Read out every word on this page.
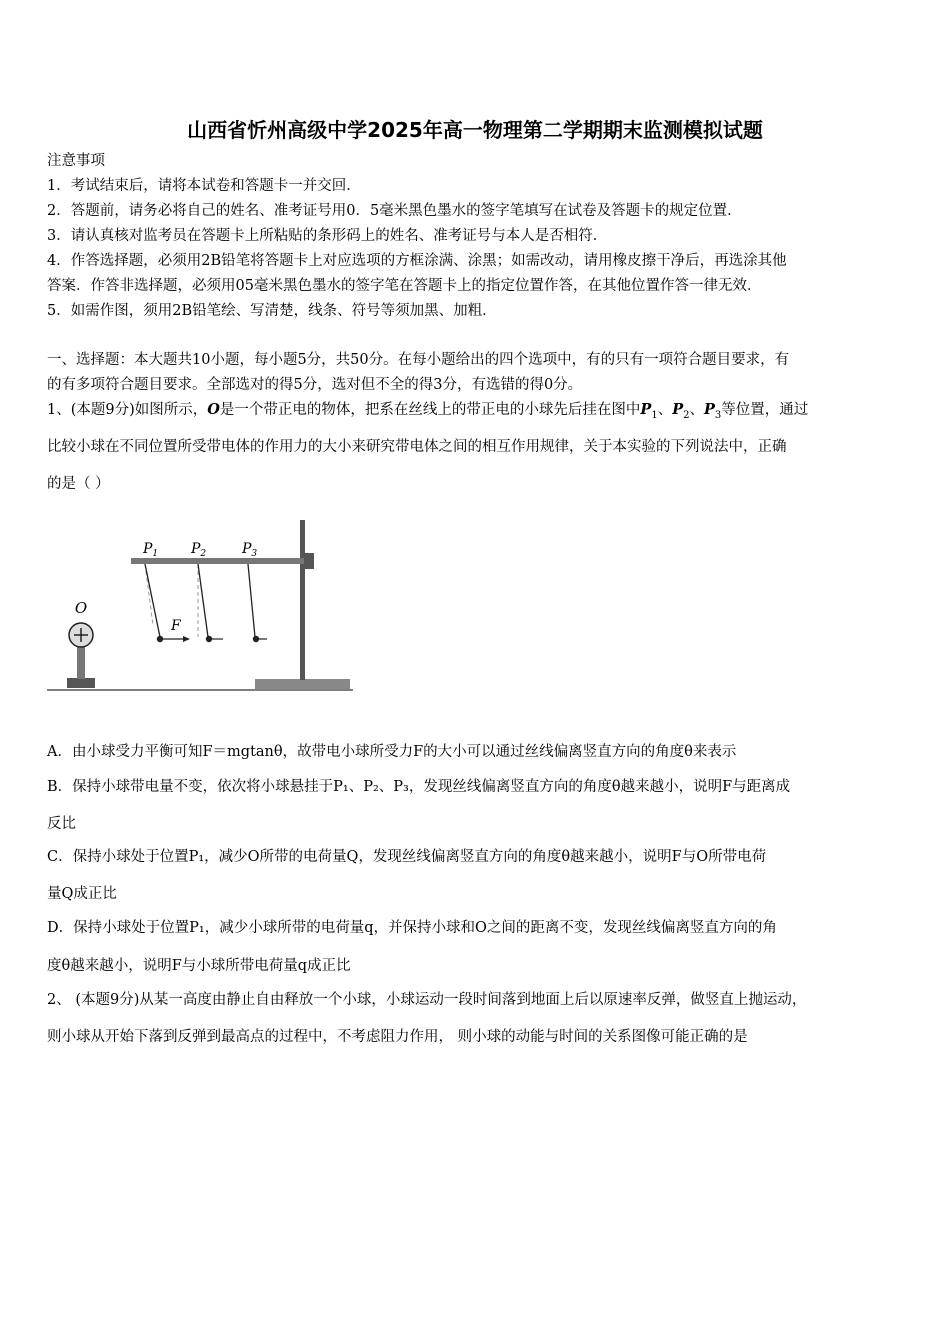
山西省忻州高级中学2025年高一物理第二学期期末监测模拟试题
注意事项
1．考试结束后，请将本试卷和答题卡一并交回．
2．答题前，请务必将自己的姓名、准考证号用0．5毫米黑色墨水的签字笔填写在试卷及答题卡的规定位置．
3．请认真核对监考员在答题卡上所粘贴的条形码上的姓名、准考证号与本人是否相符．
4．作答选择题，必须用2B铅笔将答题卡上对应选项的方框涂满、涂黑；如需改动，请用橡皮擦干净后，再选涂其他
答案．作答非选择题，必须用05毫米黑色墨水的签字笔在答题卡上的指定位置作答，在其他位置作答一律无效．
5．如需作图，须用2B铅笔绘、写清楚，线条、符号等须加黑、加粗．
一、选择题：本大题共10小题，每小题5分，共50分。在每小题给出的四个选项中，有的只有一项符合题目要求，有
的有多项符合题目要求。全部选对的得5分，选对但不全的得3分，有选错的得0分。
1、(本题9分)如图所示，O是一个带正电的物体，把系在丝线上的带正电的小球先后挂在图中$P_1$、$P_2$、$P_3$等位置，通过
比较小球在不同位置所受带电体的作用力的大小来研究带电体之间的相互作用规律，关于本实验的下列说法中，正确
的是（ ）
O
F
$P_1$ $P_2$	$P_3$
A．由小球受力平衡可知F＝mgtanθ，故带电小球所受力F的大小可以通过丝线偏离竖直方向的角度θ来表示
B．保持小球带电量不变，依次将小球悬挂于P₁、P₂、P₃，发现丝线偏离竖直方向的角度θ越来越小，说明F与距离成
反比
C．保持小球处于位置P₁，减少O所带的电荷量Q，发现丝线偏离竖直方向的角度θ越来越小，说明F与O所带电荷
量Q成正比
D．保持小球处于位置P₁，减少小球所带的电荷量q，并保持小球和O之间的距离不变，发现丝线偏离竖直方向的角
度θ越来越小，说明F与小球所带电荷量q成正比
2、 (本题9分)从某一高度由静止自由释放一个小球，小球运动一段时间落到地面上后以原速率反弹，做竖直上抛运动，
则小球从开始下落到反弹到最高点的过程中，不考虑阻力作用， 则小球的动能与时间的关系图像可能正确的是
